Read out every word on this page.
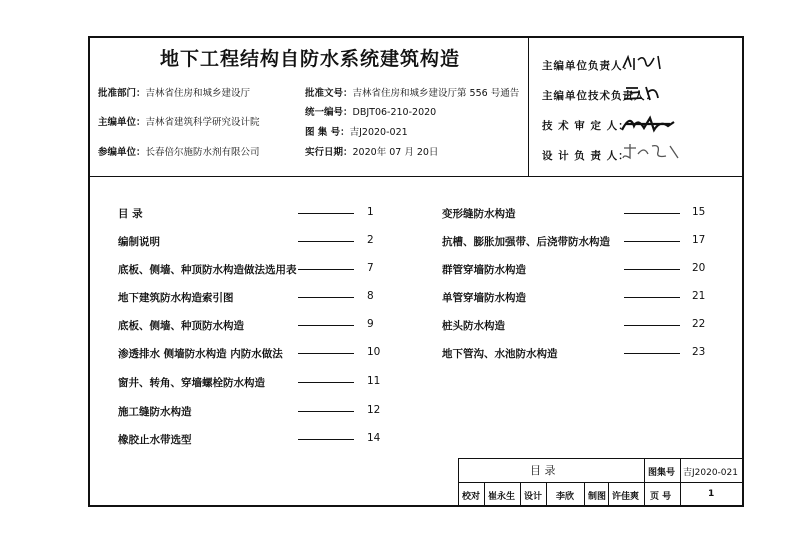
地下工程结构自防水系统建筑构造
批准部门：吉林省住房和城乡建设厅
主编单位：吉林省建筑科学研究设计院
参编单位：长春倍尔施防水剂有限公司
批准文号：吉林省住房和城乡建设厅第 556 号通告
统一编号：DBJT06-210-2020
图 集 号：吉J2020-021
实行日期：2020年 07 月 20日
主编单位负责人：
主编单位技术负责人：
技 术 审 定 人：
设 计 负 责 人：
目 录	1
编制说明	2
底板、侧墙、种顶防水构造做法选用表	7
地下建筑防水构造索引图	8
底板、侧墙、种顶防水构造	9
渗透排水 侧墙防水构造 内防水做法	10
窗井、转角、穿墙螺栓防水构造	11
施工缝防水构造	12
橡胶止水带选型	14
变形缝防水构造	15
抗槽、膨胀加强带、后浇带防水构造	17
群管穿墙防水构造	20
单管穿墙防水构造	21
桩头防水构造	22
地下管沟、水池防水构造	23
目 录	图集号 吉J2020-021
校对 崔永生 设计 李欣 制图 许佳爽 页 号	1
